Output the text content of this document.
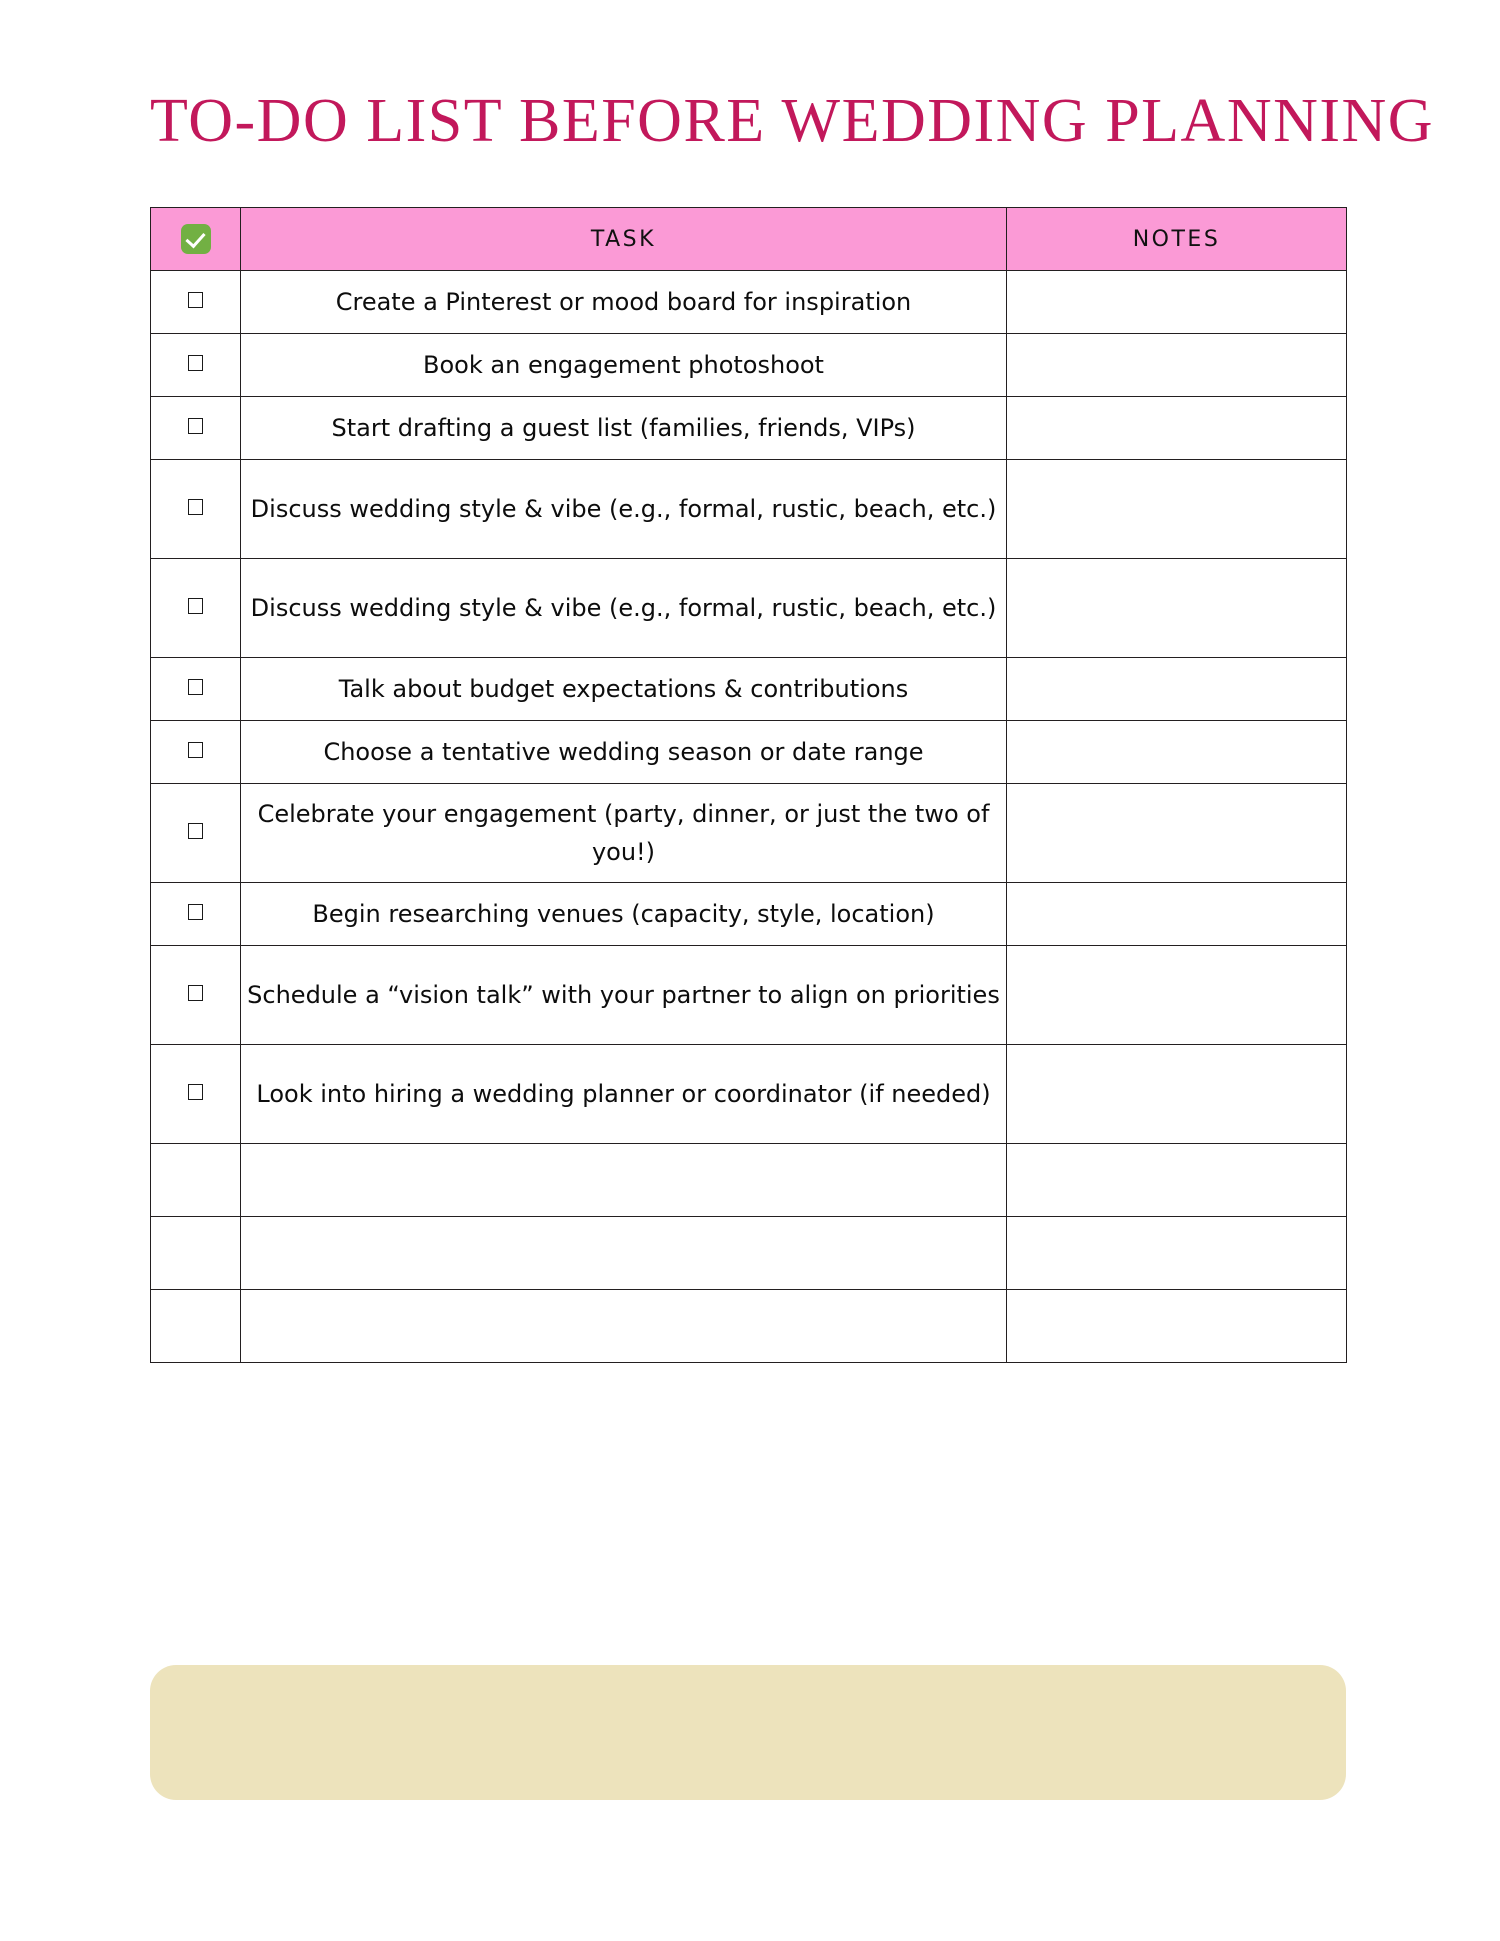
TO-DO LIST BEFORE WEDDING PLANNING
	TASK	NOTES
	Create a Pinterest or mood board for inspiration	
	Book an engagement photoshoot	
	Start drafting a guest list (families, friends, VIPs)	
	Discuss wedding style & vibe (e.g., formal, rustic, beach, etc.)	
	Discuss wedding style & vibe (e.g., formal, rustic, beach, etc.)	
	Talk about budget expectations & contributions	
	Choose a tentative wedding season or date range	
	Celebrate your engagement (party, dinner, or just the two of you!)	
	Begin researching venues (capacity, style, location)	
	Schedule a “vision talk” with your partner to align on priorities	
	Look into hiring a wedding planner or coordinator (if needed)	
